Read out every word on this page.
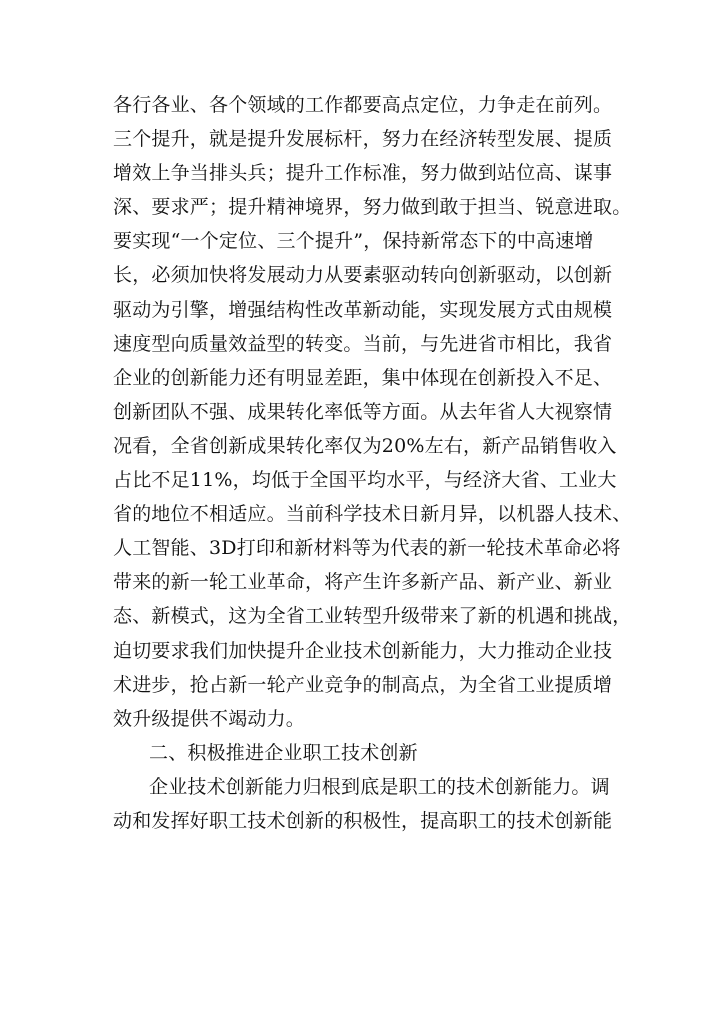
各行各业、各个领域的工作都要高点定位，力争走在前列。
三个提升，就是提升发展标杆，努力在经济转型发展、提质
增效上争当排头兵；提升工作标准，努力做到站位高、谋事
深、要求严；提升精神境界，努力做到敢于担当、锐意进取。
要实现“一个定位、三个提升”，保持新常态下的中高速增
长，必须加快将发展动力从要素驱动转向创新驱动，以创新
驱动为引擎，增强结构性改革新动能，实现发展方式由规模
速度型向质量效益型的转变。当前，与先进省市相比，我省
企业的创新能力还有明显差距，集中体现在创新投入不足、
创新团队不强、成果转化率低等方面。从去年省人大视察情
况看，全省创新成果转化率仅为20%左右，新产品销售收入
占比不足11%，均低于全国平均水平，与经济大省、工业大
省的地位不相适应。当前科学技术日新月异，以机器人技术、
人工智能、3D打印和新材料等为代表的新一轮技术革命必将
带来的新一轮工业革命，将产生许多新产品、新产业、新业
态、新模式，这为全省工业转型升级带来了新的机遇和挑战，
迫切要求我们加快提升企业技术创新能力，大力推动企业技
术进步，抢占新一轮产业竞争的制高点，为全省工业提质增
效升级提供不竭动力。
二、积极推进企业职工技术创新
企业技术创新能力归根到底是职工的技术创新能力。调
动和发挥好职工技术创新的积极性，提高职工的技术创新能
